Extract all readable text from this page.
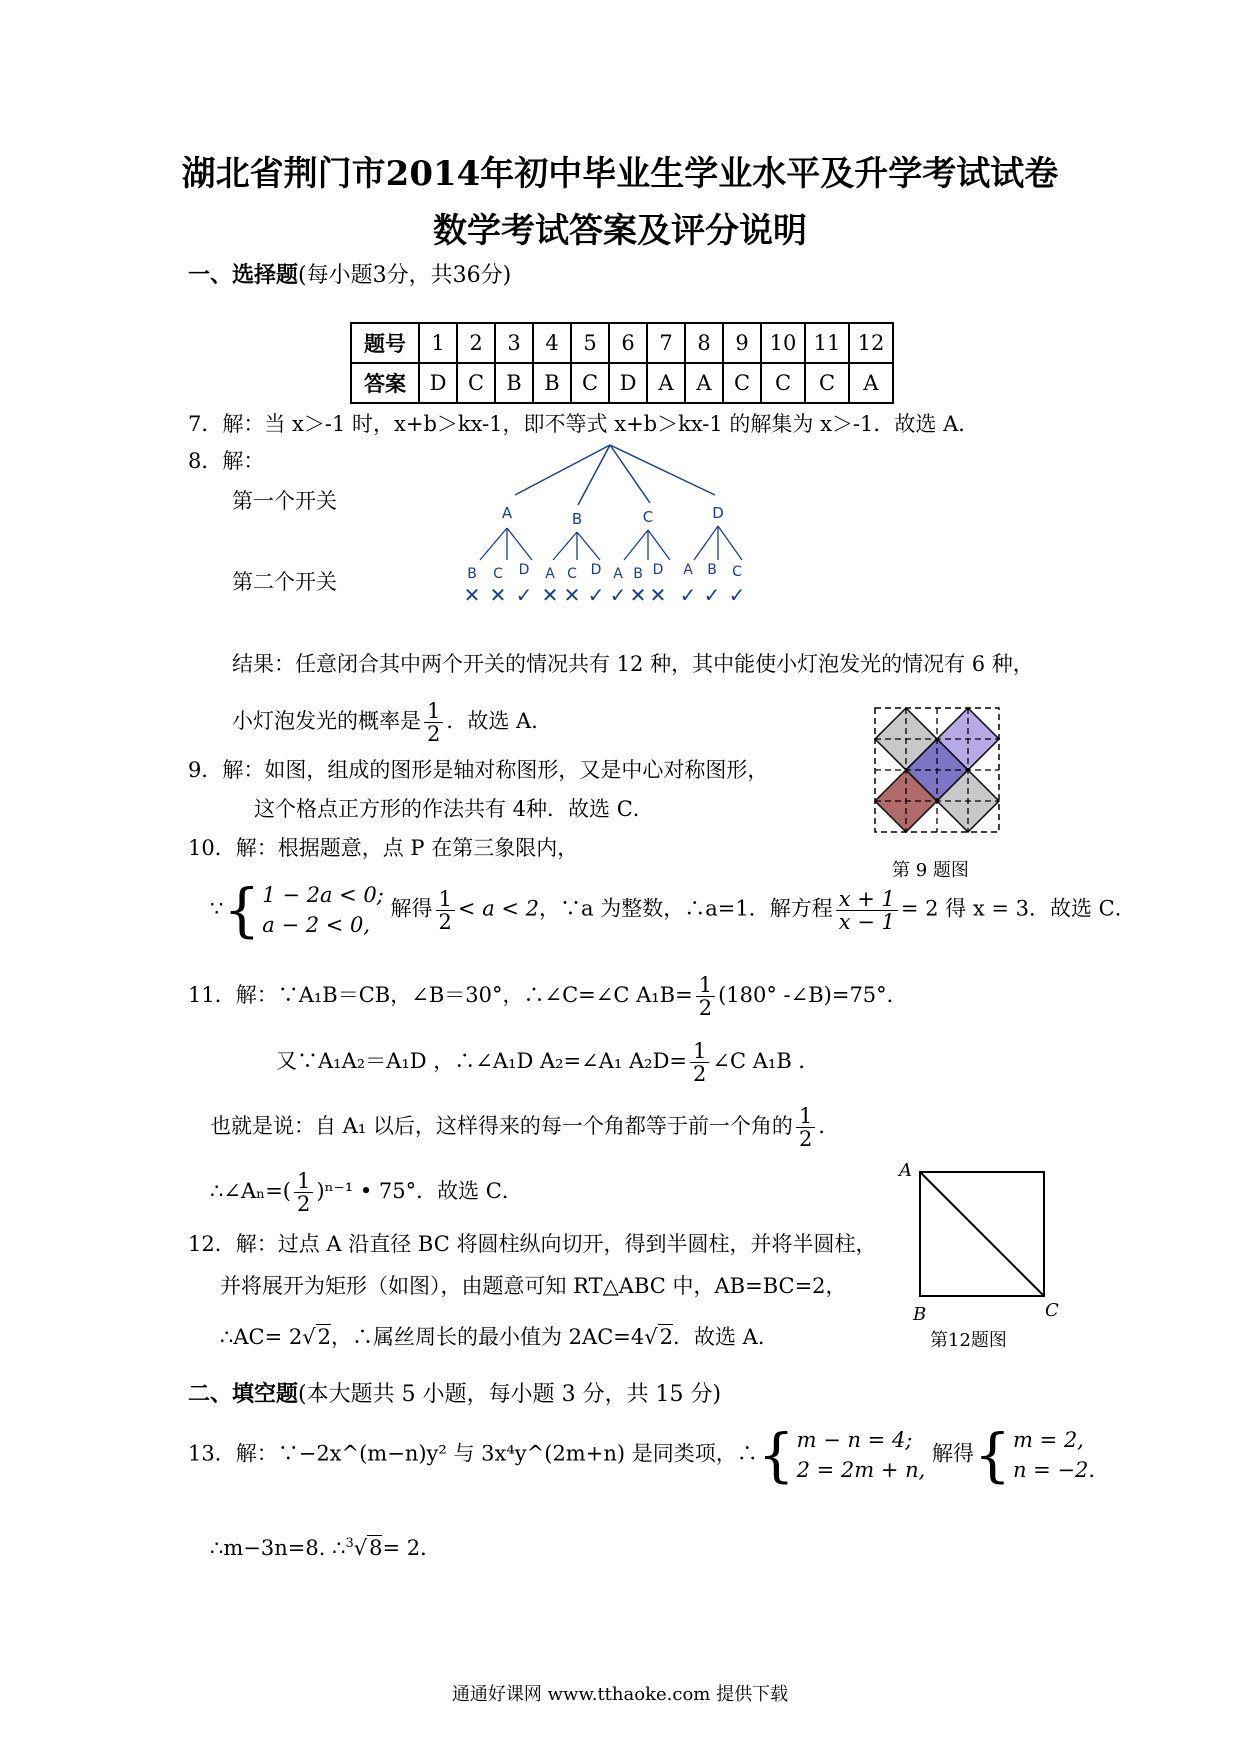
湖北省荆门市2014年初中毕业生学业水平及升学考试试卷
数学考试答案及评分说明
一、选择题(每小题3分，共36分)
题号	1	2	3	4	5	6	7	8	9	10	11	12
答案	D	C	B	B	C	D	A	A	C	C	C	A
7．解：当 x＞-1 时，x+b＞kx-1，即不等式 x+b＞kx-1 的解集为 x＞-1．故选 A．
8．解：
第一个开关
第二个开关
A	B	C	D
B C D A C D A B D A B C
✕ ✕ ✓ ✕ ✕ ✓ ✓ ✕ ✕ ✓ ✓ ✓
结果：任意闭合其中两个开关的情况共有 12 种，其中能使小灯泡发光的情况有 6 种，
小灯泡发光的概率是 $\frac{1}{2}$ ．故选 A．
第 9 题图
9．解：如图，组成的图形是轴对称图形，又是中心对称图形，
这个格点正方形的作法共有 4种．故选 C．
10．解：根据题意，点 P 在第三象限内，
∵ { 1 − 2a < 0;
a − 2 < 0,
解得 $\frac{1}{2} < a < 2$，∵a 为整数，∴a=1．解方程 $\frac{x + 1}{x - 1} = 2$ 得 x = 3．故选 C．
11．解：∵A₁B＝CB，∠B＝30°，∴∠C=∠C $A_1B= \frac{1}{2} (180^\circ$ -∠B)=75°．
又∵A₁A₂＝A₁D ，∴∠A₁D A₂=∠A₁ $A_2D= \frac{1}{2}$ ∠C A₁B ．
也就是说：自 A₁ 以后，这样得来的每一个角都等于前一个角的 $\frac{1}{2}$ ．
∴∠Aₙ=( $\frac{1}{2} )^{n-1}$ • 75°．故选 C．
A
B	C
第12题图
12．解：过点 A 沿直径 BC 将圆柱纵向切开，得到半圆柱，并将半圆柱，
并将展开为矩形（如图），由题意可知 RT△ABC 中，AB=BC=2，
∴AC= 2√2，∴属丝周长的最小值为 2AC=4√2．故选 A．
二、填空题(本大题共 5 小题，每小题 3 分，共 15 分)
13．解：∵−2x^(m−n)y² 与 3x⁴y^(2m+n) 是同类项，∴ { m − n = 4;
2 = 2m + n,
解得 { m = 2,
n = −2.
∴m−3n=8. ∴$^3$√8= 2．
通通好课网 www.tthaoke.com 提供下载
